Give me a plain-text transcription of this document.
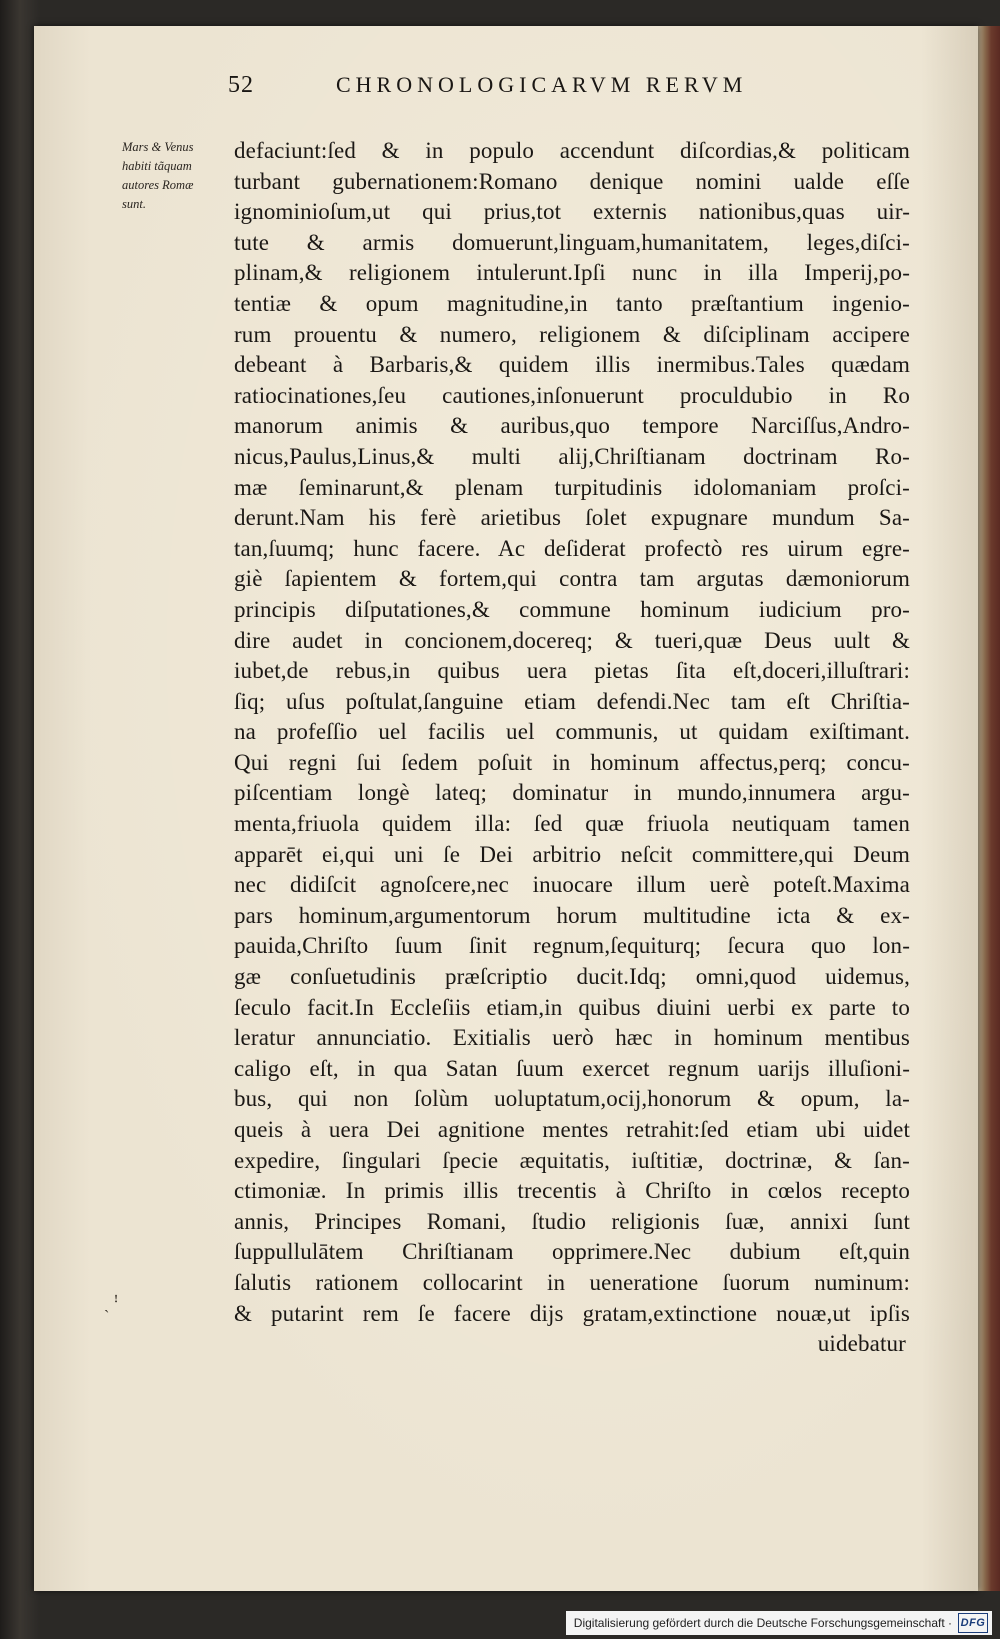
52	CHRONOLOGICARVM RERVM
Mars & Venus
habiti tãquam
autores Romæ
sunt.
defaciunt:ſed & in populo accendunt diſcordias,& politicam
turbant gubernationem:Romano denique nomini ualde eſſe
ignominioſum,ut qui prius,tot externis nationibus,quas uir-
tute & armis domuerunt,linguam,humanitatem, leges,diſci-
plinam,& religionem intulerunt.Ipſi nunc in illa Imperij,po-
tentiæ & opum magnitudine,in tanto præſtantium ingenio-
rum prouentu & numero, religionem & diſciplinam accipere
debeant à Barbaris,& quidem illis inermibus.Tales quædam
ratiocinationes,ſeu cautiones,inſonuerunt proculdubio in Ro
manorum animis & auribus,quo tempore Narciſſus,Andro-
nicus,Paulus,Linus,& multi alij,Chriſtianam doctrinam Ro-
mæ ſeminarunt,& plenam turpitudinis idolomaniam proſci-
derunt.Nam his ferè arietibus ſolet expugnare mundum Sa-
tan,ſuumq; hunc facere. Ac deſiderat profectò res uirum egre-
giè ſapientem & fortem,qui contra tam argutas dæmoniorum
principis diſputationes,& commune hominum iudicium pro-
dire audet in concionem,docereq; & tueri,quæ Deus uult &
iubet,de rebus,in quibus uera pietas ſita eſt,doceri,illuſtrari:
ſiq; uſus poſtulat,ſanguine etiam defendi.Nec tam eſt Chriſtia-
na profeſſio uel facilis uel communis, ut quidam exiſtimant.
Qui regni ſui ſedem poſuit in hominum affectus,perq; concu-
piſcentiam longè lateq; dominatur in mundo,innumera argu-
menta,friuola quidem illa: ſed quæ friuola neutiquam tamen
apparēt ei,qui uni ſe Dei arbitrio neſcit committere,qui Deum
nec didiſcit agnoſcere,nec inuocare illum uerè poteſt.Maxima
pars hominum,argumentorum horum multitudine icta & ex-
pauida,Chriſto ſuum ſinit regnum,ſequiturq; ſecura quo lon-
gæ conſuetudinis præſcriptio ducit.Idq; omni,quod uidemus,
ſeculo facit.In Eccleſiis etiam,in quibus diuini uerbi ex parte to
leratur annunciatio. Exitialis uerò hæc in hominum mentibus
caligo eſt, in qua Satan ſuum exercet regnum uarijs illuſioni-
bus, qui non ſolùm uoluptatum,ocij,honorum & opum, la-
queis à uera Dei agnitione mentes retrahit:ſed etiam ubi uidet
expedire, ſingulari ſpecie æquitatis, iuſtitiæ, doctrinæ, & ſan-
ctimoniæ. In primis illis trecentis à Chriſto in cœlos recepto
annis, Principes Romani, ſtudio religionis ſuæ, annixi ſunt
ſuppullulātem Chriſtianam opprimere.Nec dubium eſt,quin
ſalutis rationem collocarint in ueneratione ſuorum numinum:
& putarint rem ſe facere dijs gratam,extinctione nouæ,ut ipſis
uidebatur
ˎ ꜝ
Digitalisierung gefördert durch die Deutsche Forschungsgemeinschaft · DFG
